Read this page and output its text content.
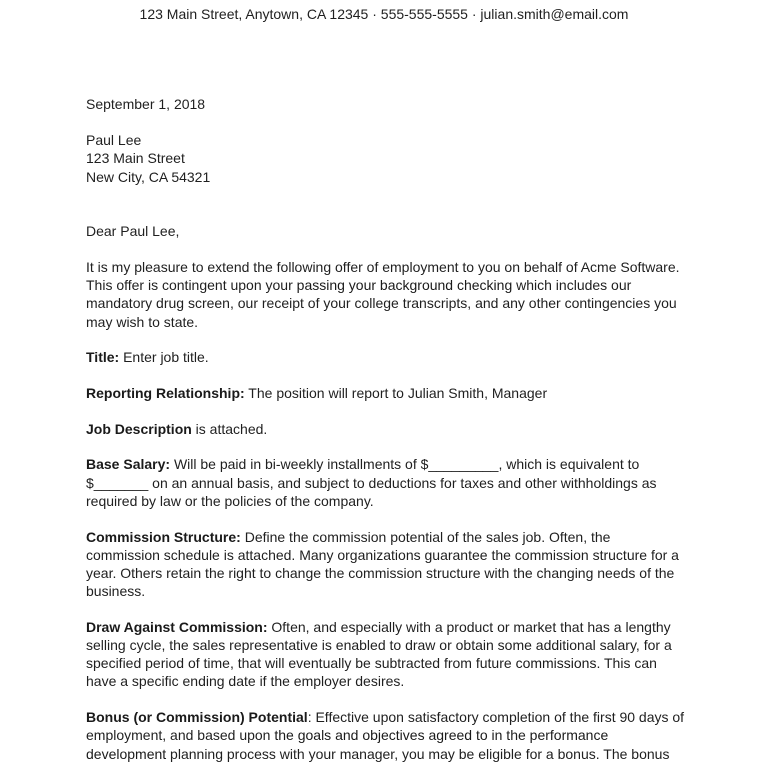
123 Main Street, Anytown, CA 12345 · 555-555-5555 · julian.smith@email.com

September 1, 2018

Paul Lee

123 Main Street

New City, CA 54321

Dear Paul Lee,

It is my pleasure to extend the following offer of employment to you on behalf of Acme Software. This offer is contingent upon your passing your background checking which includes our mandatory drug screen, our receipt of your college transcripts, and any other contingencies you may wish to state.

Title: Enter job title.

Reporting Relationship: The position will report to Julian Smith, Manager

Job Description is attached.

Base Salary: Will be paid in bi-weekly installments of $_________, which is equivalent to $_______ on an annual basis, and subject to deductions for taxes and other withholdings as required by law or the policies of the company.

Commission Structure: Define the commission potential of the sales job. Often, the commission schedule is attached. Many organizations guarantee the commission structure for a year. Others retain the right to change the commission structure with the changing needs of the business.

Draw Against Commission: Often, and especially with a product or market that has a lengthy selling cycle, the sales representative is enabled to draw or obtain some additional salary, for a specified period of time, that will eventually be subtracted from future commissions. This can have a specific ending date if the employer desires.

Bonus (or Commission) Potential: Effective upon satisfactory completion of the first 90 days of employment, and based upon the goals and objectives agreed to in the performance development planning process with your manager, you may be eligible for a bonus. The bonus
